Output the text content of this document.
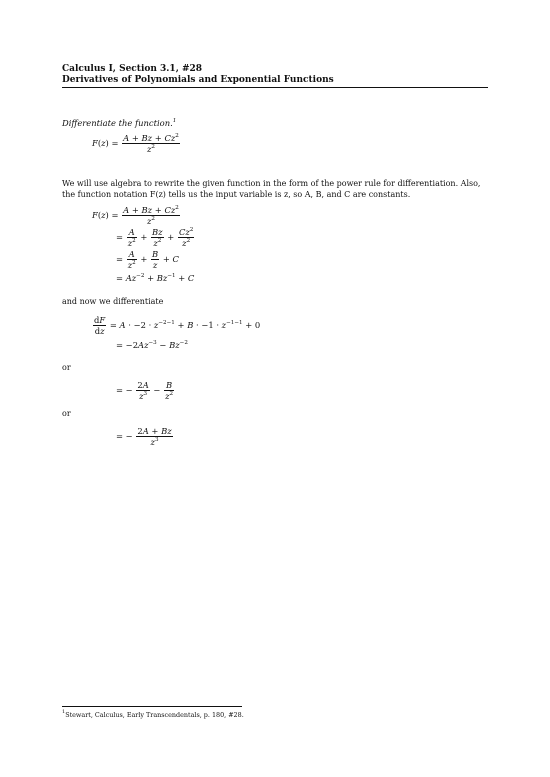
Calculus I, Section 3.1, #28
Derivatives of Polynomials and Exponential Functions
Differentiate the function.$^1$
$F(z) = \frac{A + Bz + Cz^2}{z^2}$
We will use algebra to rewrite the given function in the form of the power rule for differentiation. Also, the function notation F(z) tells us the input variable is z, so A, B, and C are constants.
$F(z) = \frac{A + Bz + Cz^2}{z^2}$
= $\frac{A}{z^2} + \frac{Bz}{z^2} + \frac{Cz^2}{z^2}$
= $\frac{A}{z^2} + \frac{B}{z} + C$
= $Az^{-2} + Bz^{-1} + C$
and now we differentiate
$\frac{dF}{dz} = A \cdot -2 \cdot z^{-2-1} + B \cdot -1 \cdot z^{-1-1} + 0$
= $-2Az^{-3} - Bz^{-2}$
or
= − $\frac{2A}{z^3} - \frac{B}{z^2}$
or
= − $\frac{2A + Bz}{z^3}$
$^1$Stewart, Calculus, Early Transcendentals, p. 180, #28.
